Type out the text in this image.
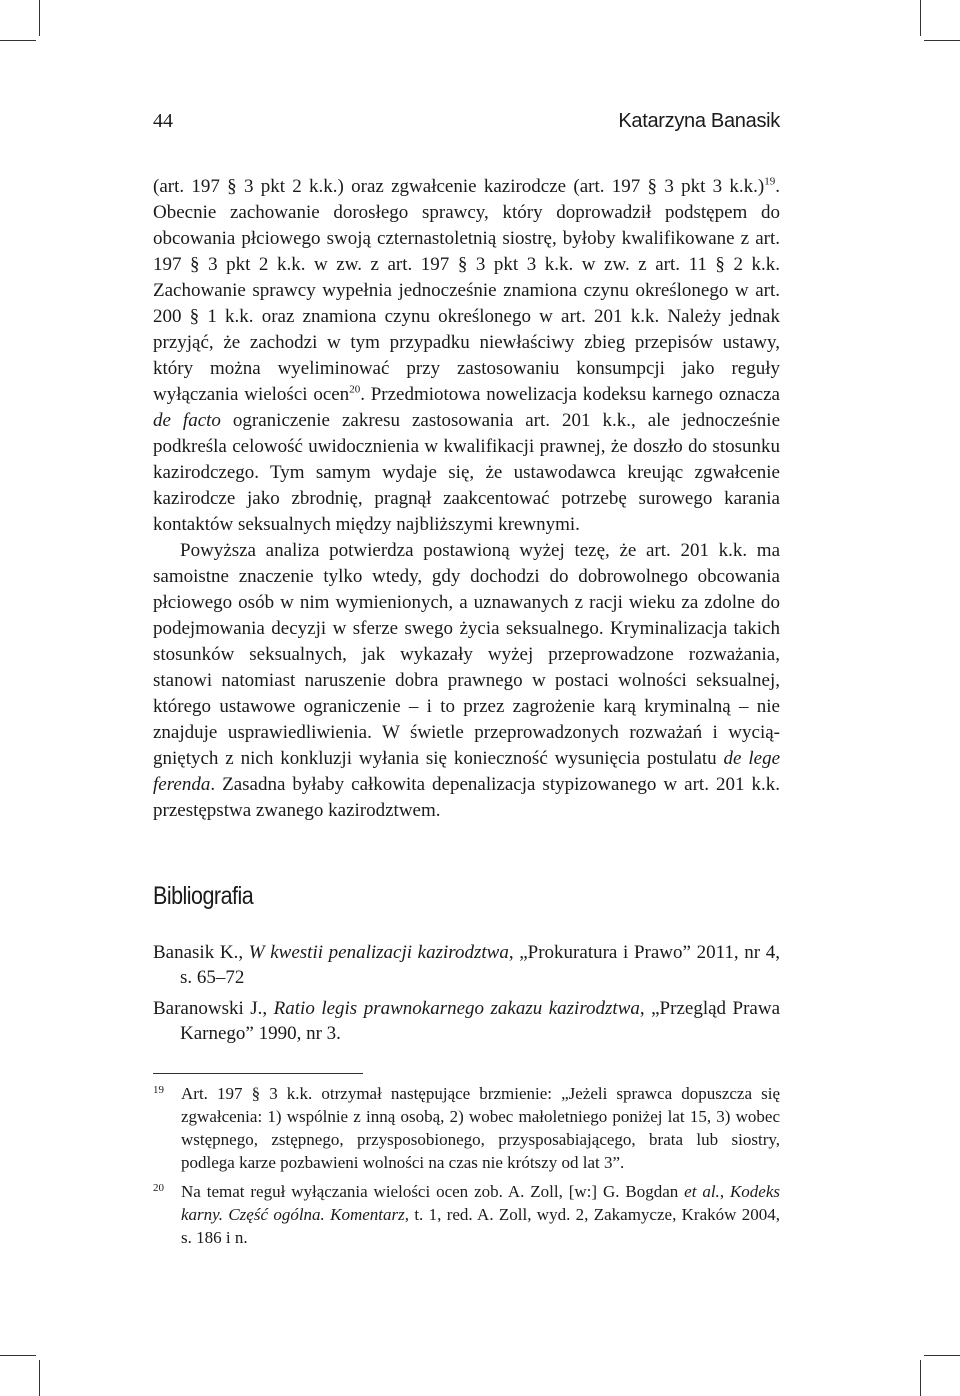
44	Katarzyna Banasik

(art. 197 § 3 pkt 2 k.k.) oraz zgwałcenie kazirodcze (art. 197 § 3 pkt 3 k.k.)$^{19}$. Obecnie zachowanie dorosłego sprawcy, który doprowadził podstępem do obcowania płciowego swoją czternastoletnią siostrę, byłoby kwalifikowane z art. 197 § 3 pkt 2 k.k. w zw. z art. 197 § 3 pkt 3 k.k. w zw. z art. 11 § 2 k.k. Zachowanie sprawcy wypełnia jednocześnie znamiona czynu określonego w art. 200 § 1 k.k. oraz znamiona czynu określonego w art. 201 k.k. Należy jednak przyjąć, że zachodzi w tym przypadku niewłaściwy zbieg przepisów ustawy, który można wyeliminować przy zastosowaniu konsumpcji jako reguły wyłączania wielości ocen$^{20}$. Przedmiotowa nowelizacja kodeksu karnego oznacza de facto ograniczenie zakresu zastosowania art. 201 k.k., ale jednocześnie podkreśla celowość uwidocznienia w kwalifikacji prawnej, że doszło do stosunku kazirodczego. Tym samym wydaje się, że ustawodawca kreując zgwałcenie kazirodcze jako zbrodnię, pragnął zaakcentować potrzebę surowego karania kontaktów seksualnych między najbliższymi krewnymi.

Powyższa analiza potwierdza postawioną wyżej tezę, że art. 201 k.k. ma samoistne znaczenie tylko wtedy, gdy dochodzi do dobrowolnego obcowania płciowego osób w nim wymienionych, a uznawanych z racji wieku za zdolne do podejmowania decyzji w sferze swego życia seksualnego. Kryminalizacja takich stosunków seksualnych, jak wykazały wyżej przeprowadzone rozważania, stanowi natomiast naruszenie dobra prawnego w postaci wolności seksualnej, którego ustawowe ograniczenie – i to przez zagrożenie karą kryminalną – nie znajduje usprawiedliwienia. W świetle przeprowadzonych rozważań i wyciągniętych z nich konkluzji wyłania się konieczność wysunięcia postulatu de lege ferenda. Zasadna byłaby całkowita depenalizacja stypizowanego w art. 201 k.k. przestępstwa zwanego kazirodztwem.

Bibliografia

Banasik K., W kwestii penalizacji kazirodztwa, „Prokuratura i Prawo” 2011, nr 4, s. 65–72

Baranowski J., Ratio legis prawnokarnego zakazu kazirodztwa, „Przegląd Prawa Karnego” 1990, nr 3.

19	Art. 197 § 3 k.k. otrzymał następujące brzmienie: „Jeżeli sprawca dopuszcza się zgwałcenia: 1) wspólnie z inną osobą, 2) wobec małoletniego poniżej lat 15, 3) wobec wstępnego, zstępnego, przysposobionego, przysposabiającego, brata lub siostry, podlega karze pozbawieni wolności na czas nie krótszy od lat 3”.
20	Na temat reguł wyłączania wielości ocen zob. A. Zoll, [w:] G. Bogdan et al., Kodeks karny. Część ogólna. Komentarz, t. 1, red. A. Zoll, wyd. 2, Zakamycze, Kraków 2004, s. 186 i n.
